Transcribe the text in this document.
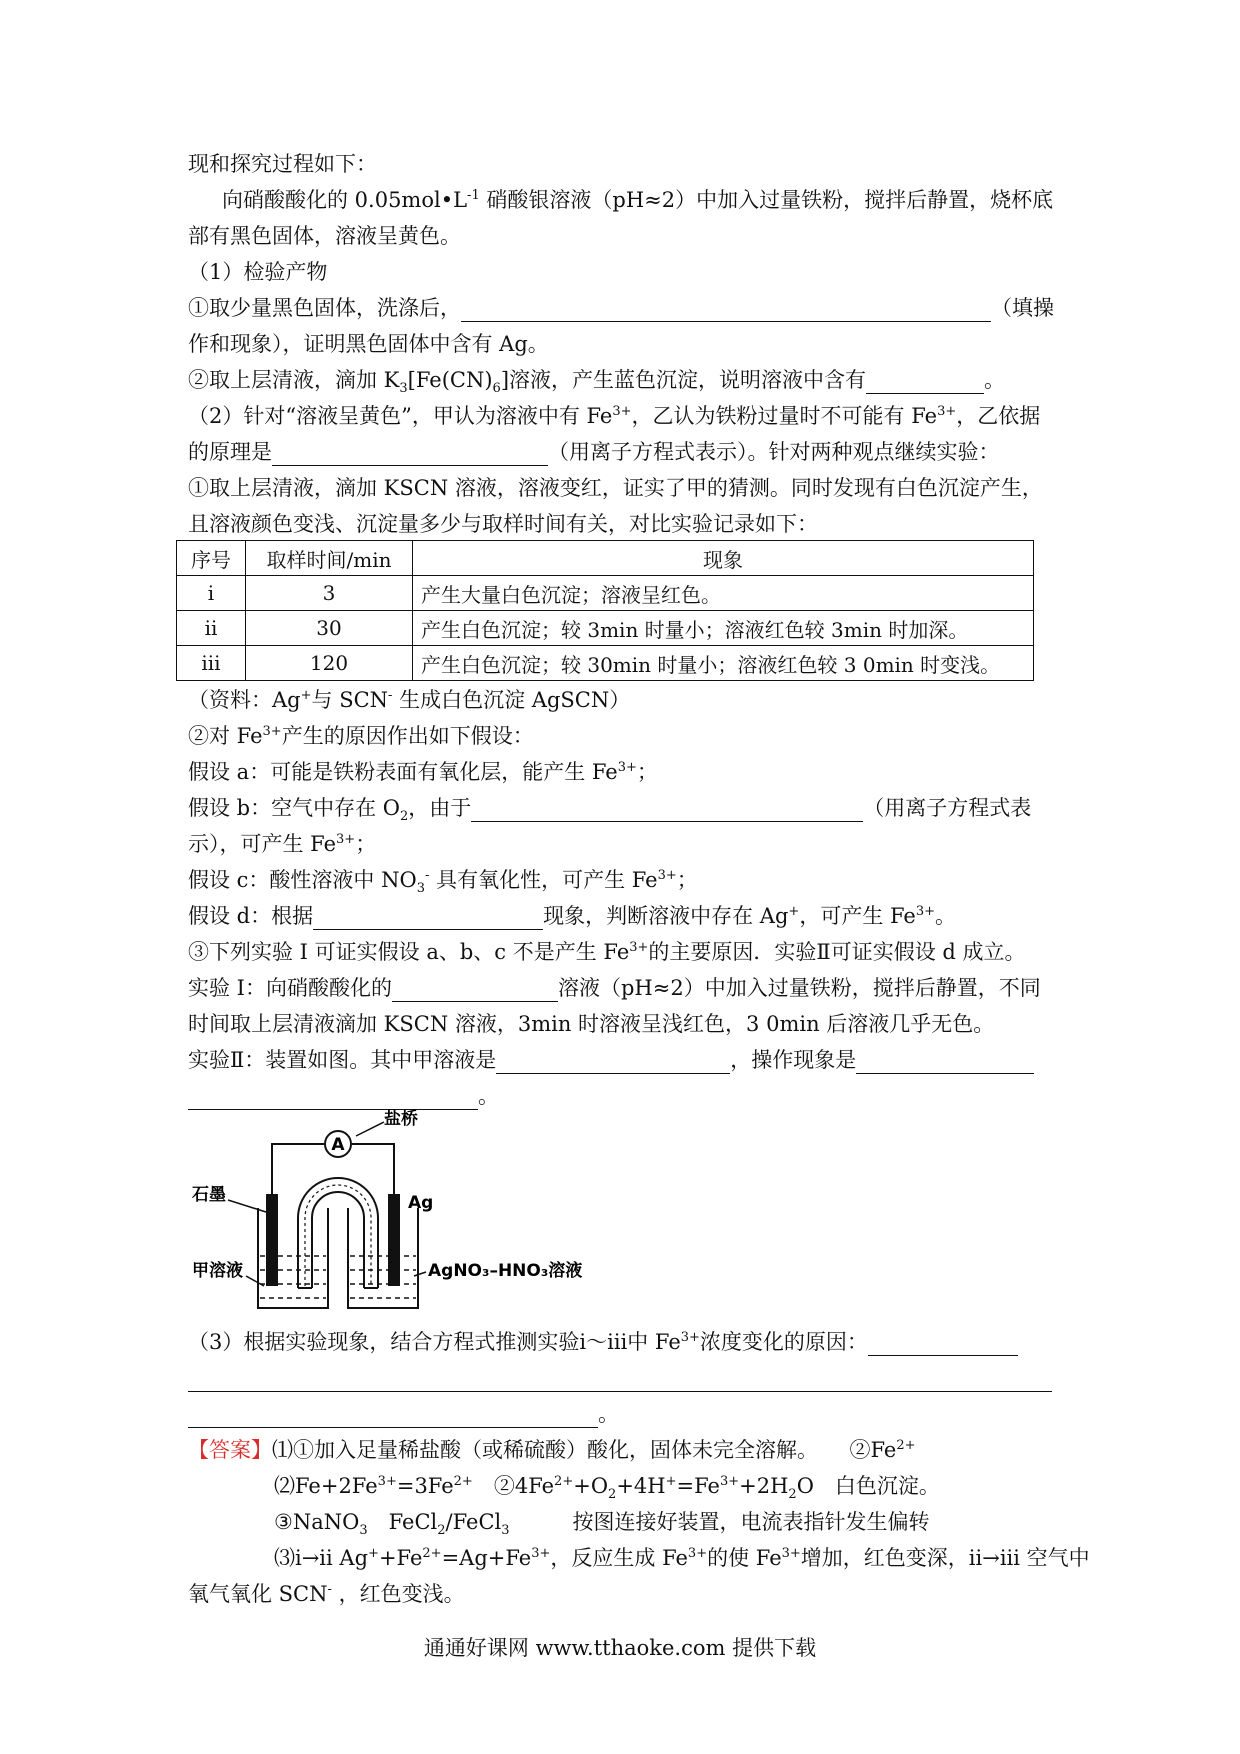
现和探究过程如下：
向硝酸酸化的 $0.05mol•L^{-1}$ 硝酸银溶液（pH≈2）中加入过量铁粉，搅拌后静置，烧杯底
部有黑色固体，溶液呈黄色。
（1）检验产物
①取少量黑色固体，洗涤后，	（填操
作和现象），证明黑色固体中含有 Ag。
②取上层清液，滴加 $K_3[Fe(CN)_6]$溶液，产生蓝色沉淀，说明溶液中含有	。
（2）针对“溶液呈黄色”，甲认为溶液中有 $Fe^{3+}$，乙认为铁粉过量时不可能有 $Fe^{3+}$，乙依据
的原理是	（用离子方程式表示）。针对两种观点继续实验：
①取上层清液，滴加 KSCN 溶液，溶液变红，证实了甲的猜测。同时发现有白色沉淀产生，
且溶液颜色变浅、沉淀量多少与取样时间有关，对比实验记录如下：
序号	取样时间/min	现象
i	3	产生大量白色沉淀；溶液呈红色。
ii	30	产生白色沉淀；较 3min 时量小；溶液红色较 3min 时加深。
iii	120	产生白色沉淀；较 30min 时量小；溶液红色较 3 0min 时变浅。
（资料：Ag+与 SCN- 生成白色沉淀 AgSCN）
②对 $Fe^{3+}$产生的原因作出如下假设：
假设 a：可能是铁粉表面有氧化层，能产生 $Fe^{3+}$；
假设 b：空气中存在 $O_2$，由于	（用离子方程式表
示），可产生 $Fe^{3+}$；
假设 c：酸性溶液中 $NO_3^-$ 具有氧化性，可产生 $Fe^{3+}$；
假设 d：根据	现象，判断溶液中存在 Ag+，可产生 $Fe^{3+}$。
③下列实验 I 可证实假设 a、b、c 不是产生 $Fe^{3+}$的主要原因．实验Ⅱ可证实假设 d 成立。
实验 I：向硝酸酸化的	溶液（pH≈2）中加入过量铁粉，搅拌后静置，不同
时间取上层清液滴加 KSCN 溶液，3min 时溶液呈浅红色，3 0min 后溶液几乎无色。
实验Ⅱ：装置如图。其中甲溶液是	，操作现象是
。
A
盐桥
石墨	Ag
甲溶液	AgNO₃–HNO₃溶液
（3）根据实验现象，结合方程式推测实验ⅰ～ⅲ中 $Fe^{3+}$浓度变化的原因：
。
【答案】⑴①加入足量稀盐酸（或稀硫酸）酸化，固体未完全溶解。　　 $②Fe^{2+}$
$⑵Fe+2Fe^{3+}=3Fe^{2+}$　 $②4Fe^{2+}+O_2+4H^+=Fe^{3+}+2H_2O$　白色沉淀。
③NaNO$_3$　 FeCl$_2$/FeCl$_3$　　　	按图连接好装置，电流表指针发生偏转
⑶i→ii $Ag^++Fe^{2+}=Ag+Fe^{3+}$，反应生成 $Fe^{3+}$的使 $Fe^{3+}$增加，红色变深，ii→iii 空气中
氧气氧化 SCN- ，红色变浅。
通通好课网 www.tthaoke.com 提供下载
